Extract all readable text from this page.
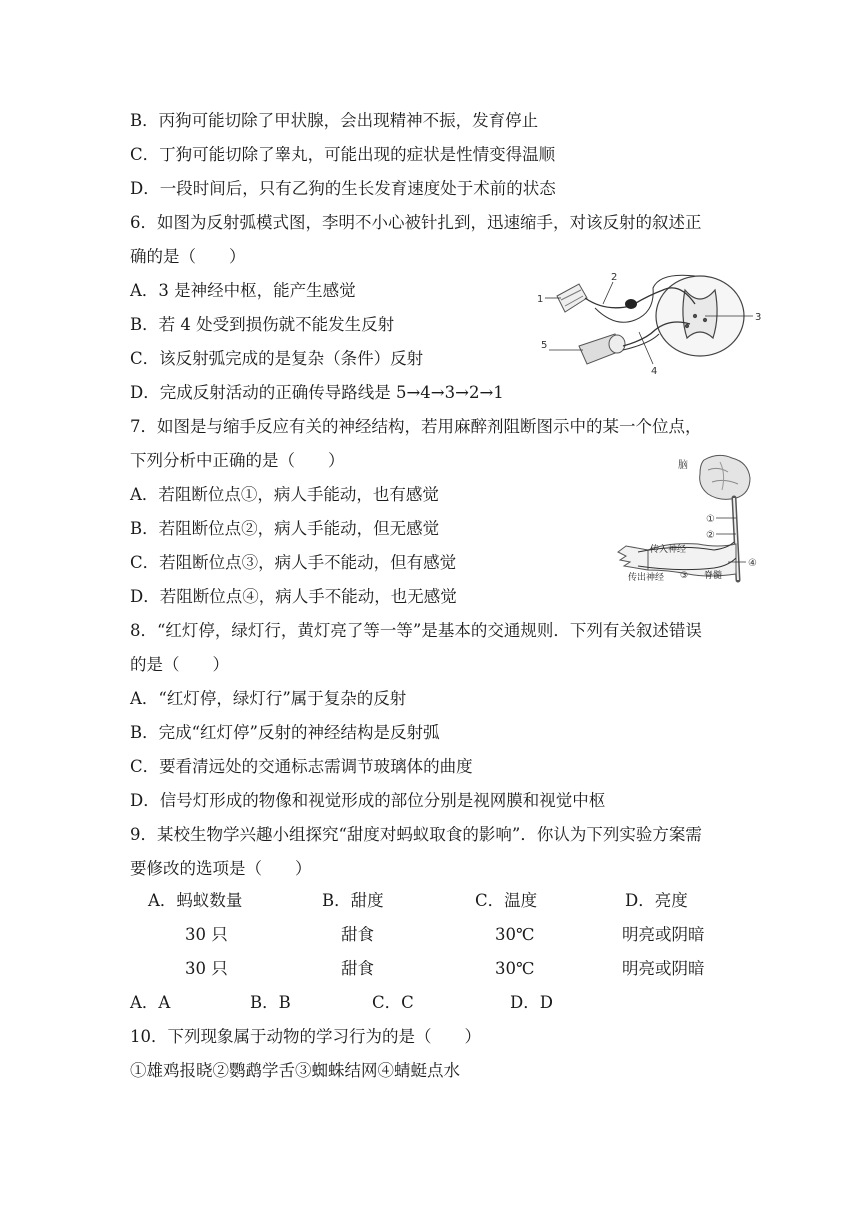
B．丙狗可能切除了甲状腺，会出现精神不振，发育停止
C．丁狗可能切除了睾丸，可能出现的症状是性情变得温顺
D．一段时间后，只有乙狗的生长发育速度处于术前的状态
6．如图为反射弧模式图，李明不小心被针扎到，迅速缩手，对该反射的叙述正
确的是（　　）
A．3 是神经中枢，能产生感觉
B．若 4 处受到损伤就不能发生反射
C．该反射弧完成的是复杂（条件）反射
D．完成反射活动的正确传导路线是 5→4→3→2→1
7．如图是与缩手反应有关的神经结构，若用麻醉剂阻断图示中的某一个位点，
下列分析中正确的是（　　）
A．若阻断位点①，病人手能动，也有感觉
B．若阻断位点②，病人手能动，但无感觉
C．若阻断位点③，病人手不能动，但有感觉
D．若阻断位点④，病人手不能动，也无感觉
8．“红灯停，绿灯行，黄灯亮了等一等”是基本的交通规则．下列有关叙述错误
的是（　　）
A．“红灯停，绿灯行”属于复杂的反射
B．完成“红灯停”反射的神经结构是反射弧
C．要看清远处的交通标志需调节玻璃体的曲度
D．信号灯形成的物像和视觉形成的部位分别是视网膜和视觉中枢
9．某校生物学兴趣小组探究“甜度对蚂蚁取食的影响”．你认为下列实验方案需
要修改的选项是（　　）
A．蚂蚁数量	B．甜度	C．温度	D．亮度
30 只	甜食	30℃	明亮或阴暗
30 只	甜食	30℃	明亮或阴暗
A．A	B．B	C．C	D．D
10．下列现象属于动物的学习行为的是（　　）
①雄鸡报晓②鹦鹉学舌③蜘蛛结网④蜻蜓点水
1
2
3
4
5
脑
①
②
③
④
传入神经
传出神经	脊髓
